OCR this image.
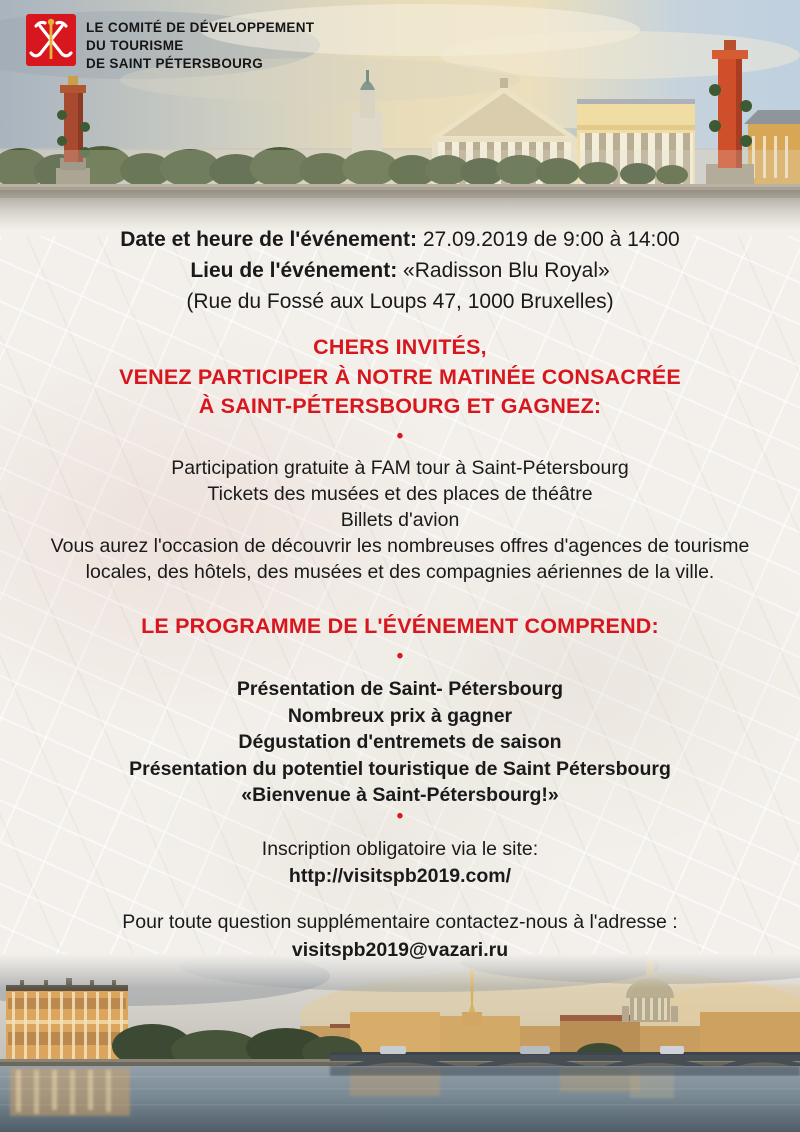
LE COMITÉ DE DÉVELOPPEMENT
DU TOURISME
DE SAINT PÉTERSBOURG
Date et heure de l'événement: 27.09.2019 de 9:00 à 14:00
Lieu de l'événement: «Radisson Blu Royal»
(Rue du Fossé aux Loups 47, 1000 Bruxelles)
CHERS INVITÉS,
VENEZ PARTICIPER À NOTRE MATINÉE CONSACRÉE
À SAINT-PÉTERSBOURG ET GAGNEZ:
•
Participation gratuite à FAM tour à Saint-Pétersbourg
Tickets des musées et des places de théâtre
Billets d'avion
Vous aurez l'occasion de découvrir les nombreuses offres d'agences de tourisme locales, des hôtels, des musées et des compagnies aériennes de la ville.
LE PROGRAMME DE L'ÉVÉNEMENT COMPREND:
•
Présentation de Saint- Pétersbourg
Nombreux prix à gagner
Dégustation d'entremets de saison
Présentation du potentiel touristique de Saint Pétersbourg
«Bienvenue à Saint-Pétersbourg!»
•
Inscription obligatoire via le site:
http://visitspb2019.com/
Pour toute question supplémentaire contactez-nous à l'adresse :
visitspb2019@vazari.ru
